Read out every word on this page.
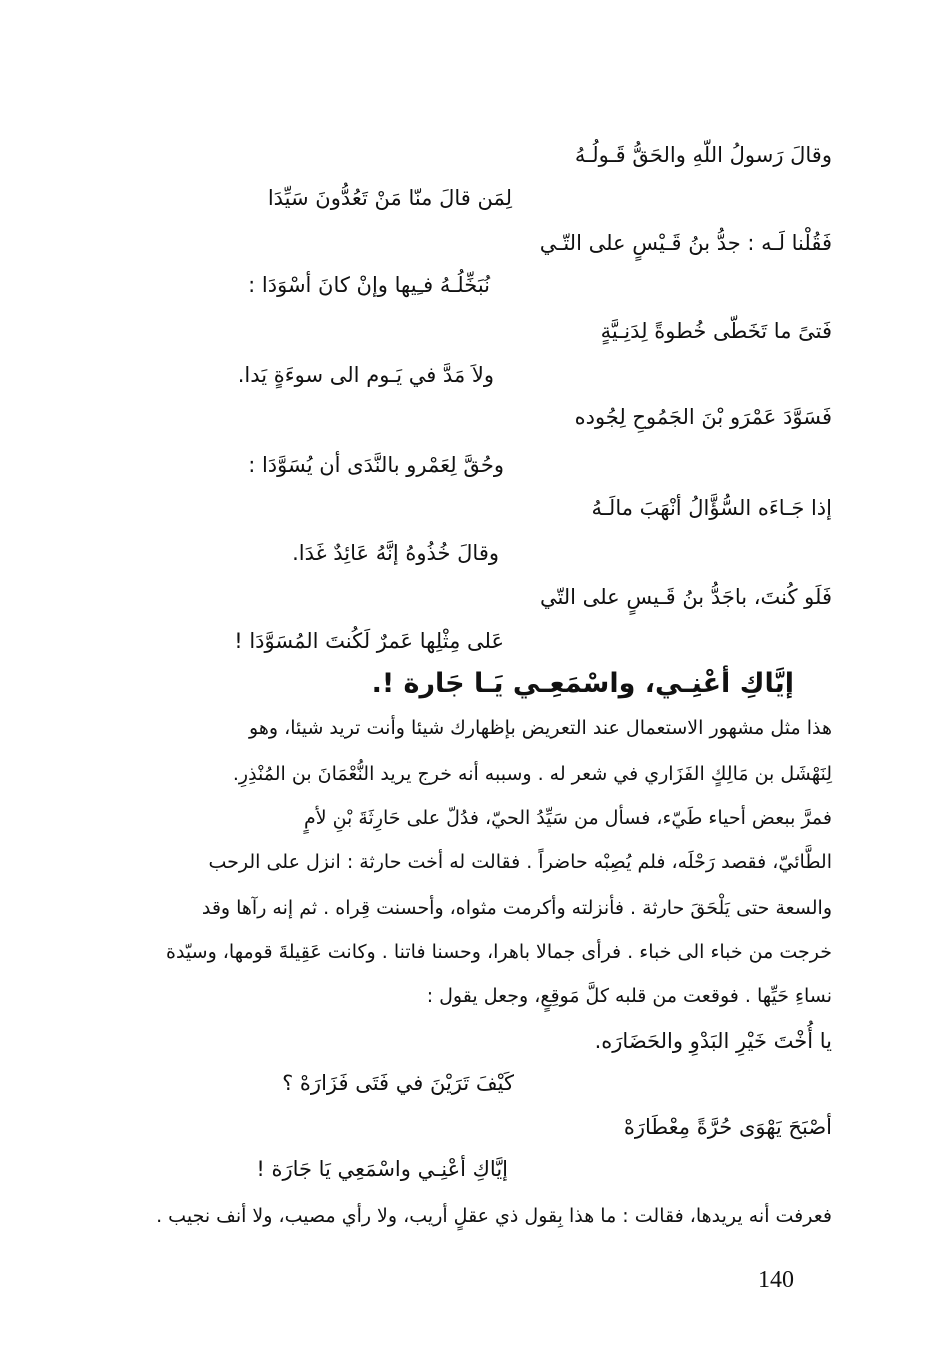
وقالَ رَسولُ اللّهِ والحَقُّ قَـولُـهُ
لِمَن قالَ منّا مَنْ تَعُدُّونَ سَيِّدَا
فَقُلْنا لَـه : جدُّ بنُ قَـيْسٍ على التّـي
نُبَخِّلُـهُ فـِيها وإنْ كانَ أسْوَدَا :
فَتىً ما تَخَطّى خُطوةً لِدَنِـيَّةٍ
ولاَ مَدَّ في يَـوم الى سوءَةٍ يَدا.
فَسَوَّدَ عَمْرَو بْنَ الجَمُوحِ لِجُوده
وحُقَّ لِعَمْرو بالنَّدَى أن يُسَوَّدَا :
إذا جَـاءَه السُّؤَّالُ أنْهَبَ مالَـهُ
وقالَ خُذُوهُ إنَّهُ عَائِدٌ غَدَا.
فَلَو كُنتَ، باجَدُّ بنُ قَـيسٍ على التّي
عَلى مِثْلِها عَمرٌ لَكُنتَ المُسَوَّدَا !
إيَّاكِ أعْنِـي، واسْمَعِـي يَـا جَارة !.
هذا مثل مشهور الاستعمال عند التعريض بإظهارك شيئا وأنت تريد شيئا، وهو
لِنَهْشَل بن مَالِكٍ الفَزَاري في شعر له . وسببه أنه خرج يريد النُّعْمَانَ بن المُنْذِرِ.
فمرَّ ببعض أحياء طَيّء، فسأل من سَيِّدُ الحيّ، فدُلّ على حَارِثَةَ بْنِ لأمٍ
الطَّائيّ، فقصد رَحْلَه، فلم يُصِبْه حاضراً . فقالت له أخت حارثة : انزل على الرحب
والسعة حتى يَلْحَقَ حارثة . فأنزلته وأكرمت مثواه، وأحسنت قِراه . ثم إنه رآها وقد
خرجت من خباء الى خباء . فرأى جمالا باهرا، وحسنا فاتنا . وكانت عَقِيلةَ قومها، وسيّدة
نساءِ حَيِّها . فوقعت من قلبه كلَّ مَوقِعٍ، وجعل يقول :
يا أُخْتَ خَيْرِ البَدْوِ والحَضَارَه.
كَيْفَ تَرَيْنَ في فَتَى فَزَارَهْ ؟
أصْبَحَ يَهْوَى حُرَّةً مِعْطَارَهْ
إيَّاكِ أعْنِـي واسْمَعِي يَا جَارَة !
فعرفت أنه يريدها، فقالت : ما هذا بِقول ذي عقلٍ أريب، ولا رأي مصيب، ولا أنف نجيب .
140
